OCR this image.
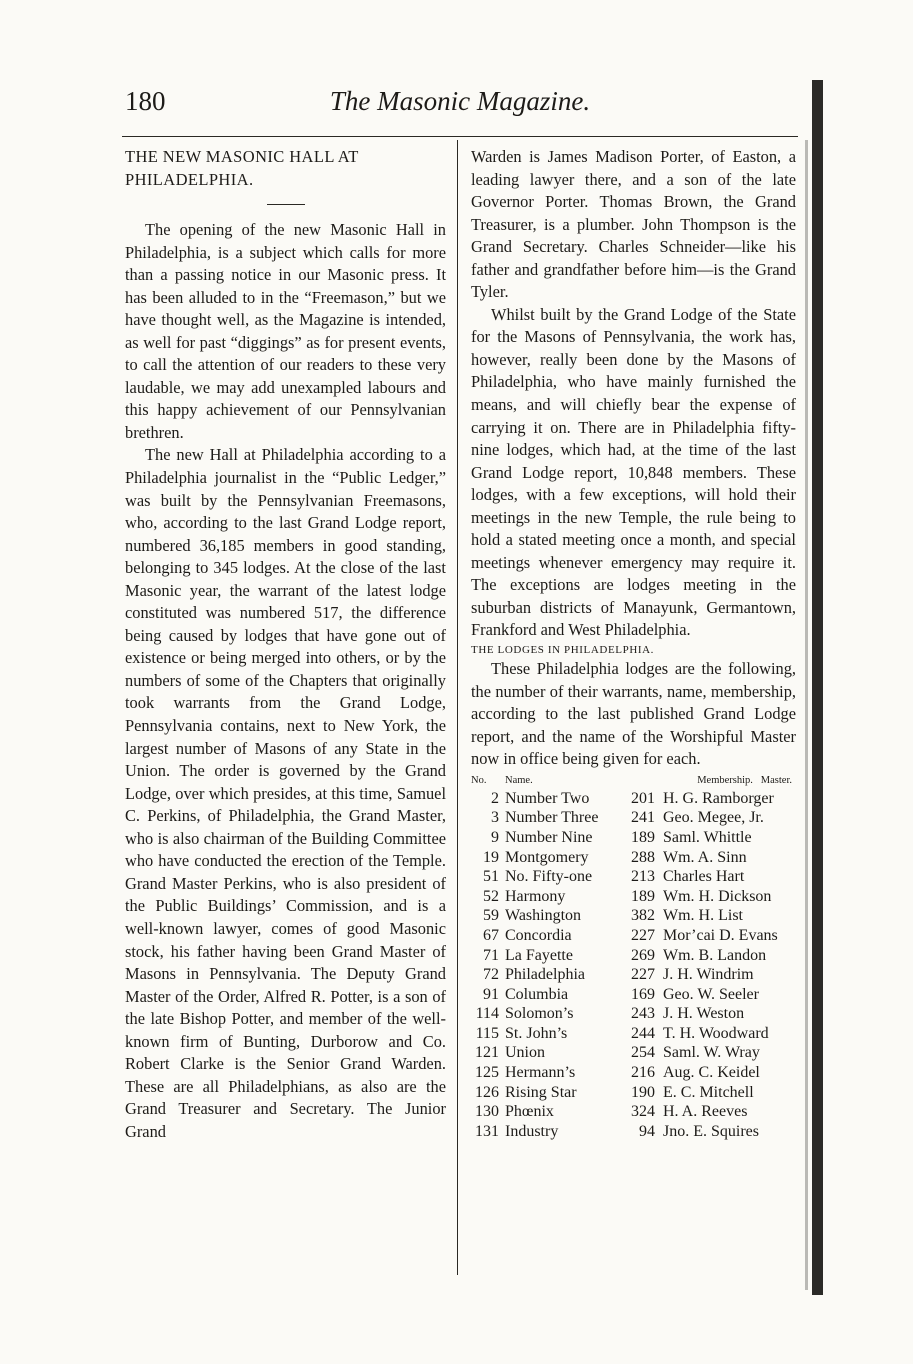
180	The Masonic Magazine.

THE NEW MASONIC HALL AT

PHILADELPHIA.

The opening of the new Masonic Hall in Philadelphia, is a subject which calls for more than a passing notice in our Masonic press. It has been alluded to in the “Freemason,” but we have thought well, as the Magazine is intended, as well for past “diggings” as for present events, to call the attention of our readers to these very laudable, we may add unexampled labours and this happy achievement of our Pennsylvanian brethren.

The new Hall at Philadelphia according to a Philadelphia journalist in the “Public Ledger,” was built by the Pennsylvanian Freemasons, who, according to the last Grand Lodge report, numbered 36,185 members in good standing, belonging to 345 lodges. At the close of the last Masonic year, the warrant of the latest lodge constituted was numbered 517, the difference being caused by lodges that have gone out of existence or being merged into others, or by the numbers of some of the Chapters that originally took warrants from the Grand Lodge, Pennsylvania contains, next to New York, the largest number of Masons of any State in the Union. The order is governed by the Grand Lodge, over which presides, at this time, Samuel C. Perkins, of Philadelphia, the Grand Master, who is also chairman of the Building Committee who have conducted the erection of the Temple. Grand Master Perkins, who is also president of the Public Buildings’ Commission, and is a well-known lawyer, comes of good Masonic stock, his father having been Grand Master of Masons in Pennsylvania. The Deputy Grand Master of the Order, Alfred R. Potter, is a son of the late Bishop Potter, and member of the well-known firm of Bunting, Durborow and Co. Robert Clarke is the Senior Grand Warden. These are all Philadelphians, as also are the Grand Treasurer and Secretary. The Junior Grand

Warden is James Madison Porter, of Easton, a leading lawyer there, and a son of the late Governor Porter. Thomas Brown, the Grand Treasurer, is a plumber. John Thompson is the Grand Secretary. Charles Schneider—like his father and grandfather before him—is the Grand Tyler.

Whilst built by the Grand Lodge of the State for the Masons of Pennsylvania, the work has, however, really been done by the Masons of Philadelphia, who have mainly furnished the means, and will chiefly bear the expense of carrying it on. There are in Philadelphia fifty-nine lodges, which had, at the time of the last Grand Lodge report, 10,848 members. These lodges, with a few exceptions, will hold their meetings in the new Temple, the rule being to hold a stated meeting once a month, and special meetings whenever emergency may require it. The exceptions are lodges meeting in the suburban districts of Manayunk, Germantown, Frankford and West Philadelphia.

THE LODGES IN PHILADELPHIA.

These Philadelphia lodges are the following, the number of their warrants, name, membership, according to the last published Grand Lodge report, and the name of the Worshipful Master now in office being given for each.

No.	Name.	Membership. Master.	
2	Number Two	201	H. G. Ramborger
3	Number Three	241	Geo. Megee, Jr.
9	Number Nine	189	Saml. Whittle
19	Montgomery	288	Wm. A. Sinn
51	No. Fifty-one	213	Charles Hart
52	Harmony	189	Wm. H. Dickson
59	Washington	382	Wm. H. List
67	Concordia	227	Mor’cai D. Evans
71	La Fayette	269	Wm. B. Landon
72	Philadelphia	227	J. H. Windrim
91	Columbia	169	Geo. W. Seeler
114	Solomon’s	243	J. H. Weston
115	St. John’s	244	T. H. Woodward
121	Union	254	Saml. W. Wray
125	Hermann’s	216	Aug. C. Keidel
126	Rising Star	190	E. C. Mitchell
130	Phœnix	324	H. A. Reeves
131	Industry	94	Jno. E. Squires
